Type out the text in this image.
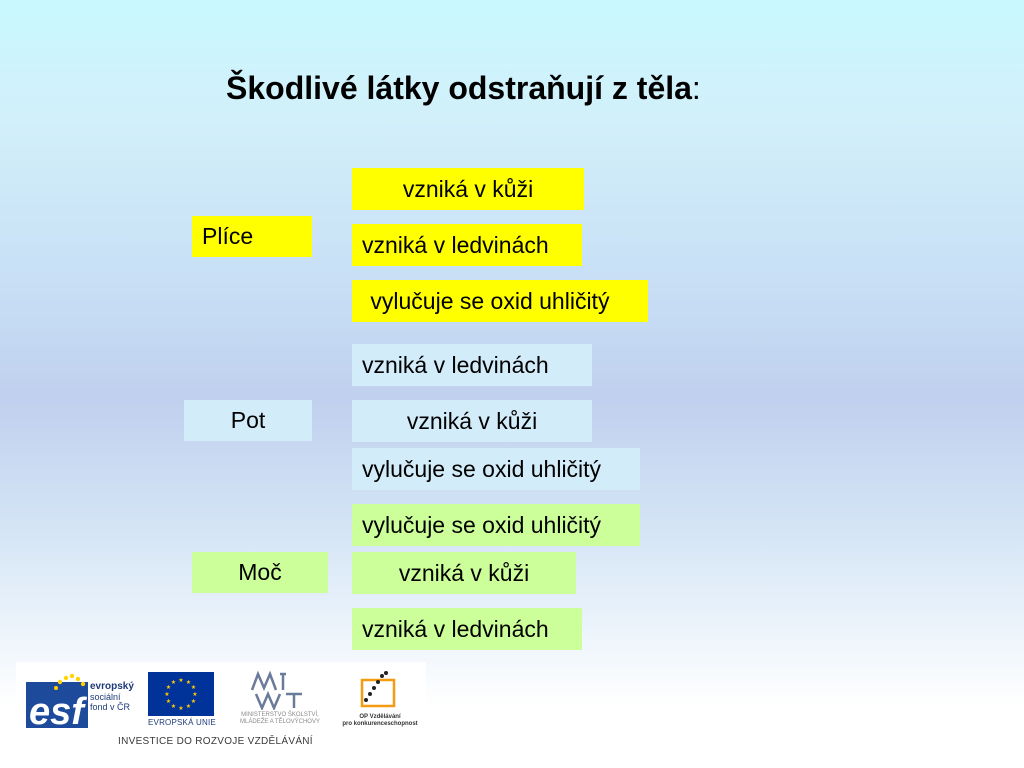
Škodlivé látky odstraňují z těla:
Plíce
vzniká v kůži
vzniká v ledvinách
vylučuje se oxid uhličitý
vzniká v ledvinách
Pot	vzniká v kůži
vylučuje se oxid uhličitý
vylučuje se oxid uhličitý
Moč	vzniká v kůži
vzniká v ledvinách
esf
evropský
sociální
fond v ČR
★ ★
★
★
★
★
★
★
★
★
★
★
EVROPSKÁ UNIE
MINISTERSTVO ŠKOLSTVÍ,
MLÁDEŽE A TĚLOVÝCHOVY
OP Vzdělávání
pro konkurenceschopnost
INVESTICE DO ROZVOJE VZDĚLÁVÁNÍ
